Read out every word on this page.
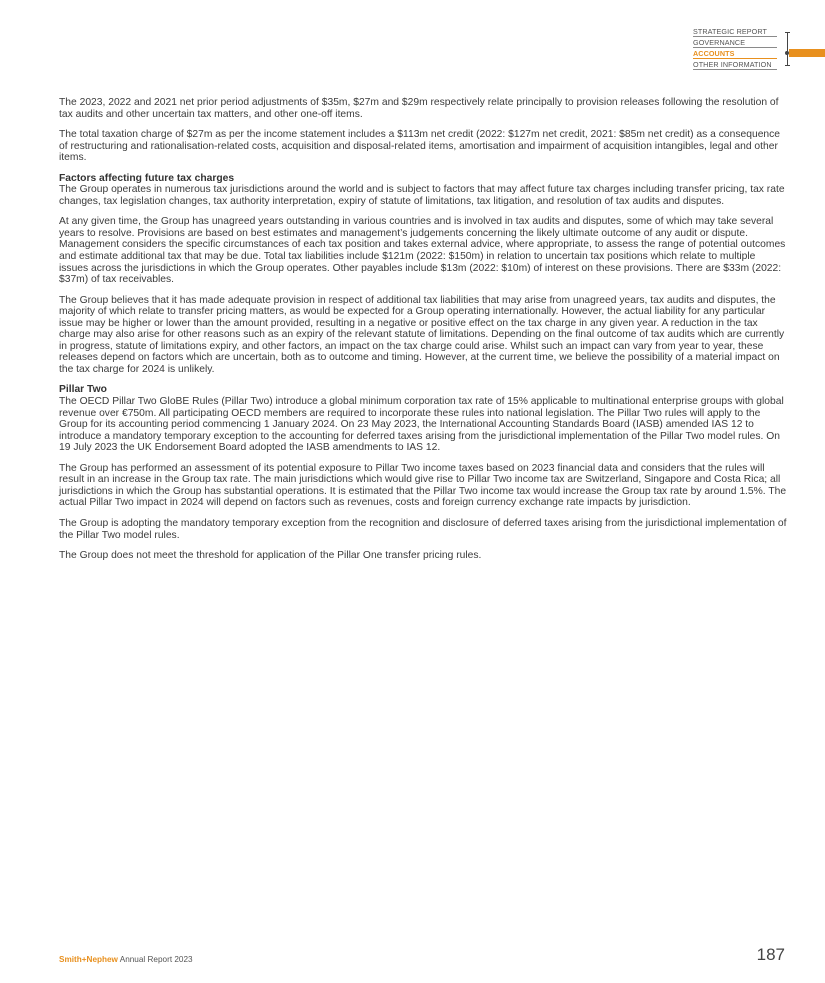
STRATEGIC REPORT
GOVERNANCE
ACCOUNTS
OTHER INFORMATION

The 2023, 2022 and 2021 net prior period adjustments of $35m, $27m and $29m respectively relate principally to provision releases following the resolution of tax audits and other uncertain tax matters, and other one-off items.

The total taxation charge of $27m as per the income statement includes a $113m net credit (2022: $127m net credit, 2021: $85m net credit) as a consequence of restructuring and rationalisation-related costs, acquisition and disposal-related items, amortisation and impairment of acquisition intangibles, legal and other items.

Factors affecting future tax charges

The Group operates in numerous tax jurisdictions around the world and is subject to factors that may affect future tax charges including transfer pricing, tax rate changes, tax legislation changes, tax authority interpretation, expiry of statute of limitations, tax litigation, and resolution of tax audits and disputes.

At any given time, the Group has unagreed years outstanding in various countries and is involved in tax audits and disputes, some of which may take several years to resolve. Provisions are based on best estimates and management’s judgements concerning the likely ultimate outcome of any audit or dispute. Management considers the specific circumstances of each tax position and takes external advice, where appropriate, to assess the range of potential outcomes and estimate additional tax that may be due. Total tax liabilities include $121m (2022: $150m) in relation to uncertain tax positions which relate to multiple issues across the jurisdictions in which the Group operates. Other payables include $13m (2022: $10m) of interest on these provisions. There are $33m (2022: $37m) of tax receivables.

The Group believes that it has made adequate provision in respect of additional tax liabilities that may arise from unagreed years, tax audits and disputes, the majority of which relate to transfer pricing matters, as would be expected for a Group operating internationally. However, the actual liability for any particular issue may be higher or lower than the amount provided, resulting in a negative or positive effect on the tax charge in any given year. A reduction in the tax charge may also arise for other reasons such as an expiry of the relevant statute of limitations. Depending on the final outcome of tax audits which are currently in progress, statute of limitations expiry, and other factors, an impact on the tax charge could arise. Whilst such an impact can vary from year to year, these releases depend on factors which are uncertain, both as to outcome and timing. However, at the current time, we believe the possibility of a material impact on the tax charge for 2024 is unlikely.

Pillar Two

The OECD Pillar Two GloBE Rules (Pillar Two) introduce a global minimum corporation tax rate of 15% applicable to multinational enterprise groups with global revenue over €750m. All participating OECD members are required to incorporate these rules into national legislation. The Pillar Two rules will apply to the Group for its accounting period commencing 1 January 2024. On 23 May 2023, the International Accounting Standards Board (IASB) amended IAS 12 to introduce a mandatory temporary exception to the accounting for deferred taxes arising from the jurisdictional implementation of the Pillar Two model rules. On 19 July 2023 the UK Endorsement Board adopted the IASB amendments to IAS 12.

The Group has performed an assessment of its potential exposure to Pillar Two income taxes based on 2023 financial data and considers that the rules will result in an increase in the Group tax rate. The main jurisdictions which would give rise to Pillar Two income tax are Switzerland, Singapore and Costa Rica; all jurisdictions in which the Group has substantial operations. It is estimated that the Pillar Two income tax would increase the Group tax rate by around 1.5%. The actual Pillar Two impact in 2024 will depend on factors such as revenues, costs and foreign currency exchange rate impacts by jurisdiction.

The Group is adopting the mandatory temporary exception from the recognition and disclosure of deferred taxes arising from the jurisdictional implementation of the Pillar Two model rules.

The Group does not meet the threshold for application of the Pillar One transfer pricing rules.

Smith+Nephew Annual Report 2023	187
